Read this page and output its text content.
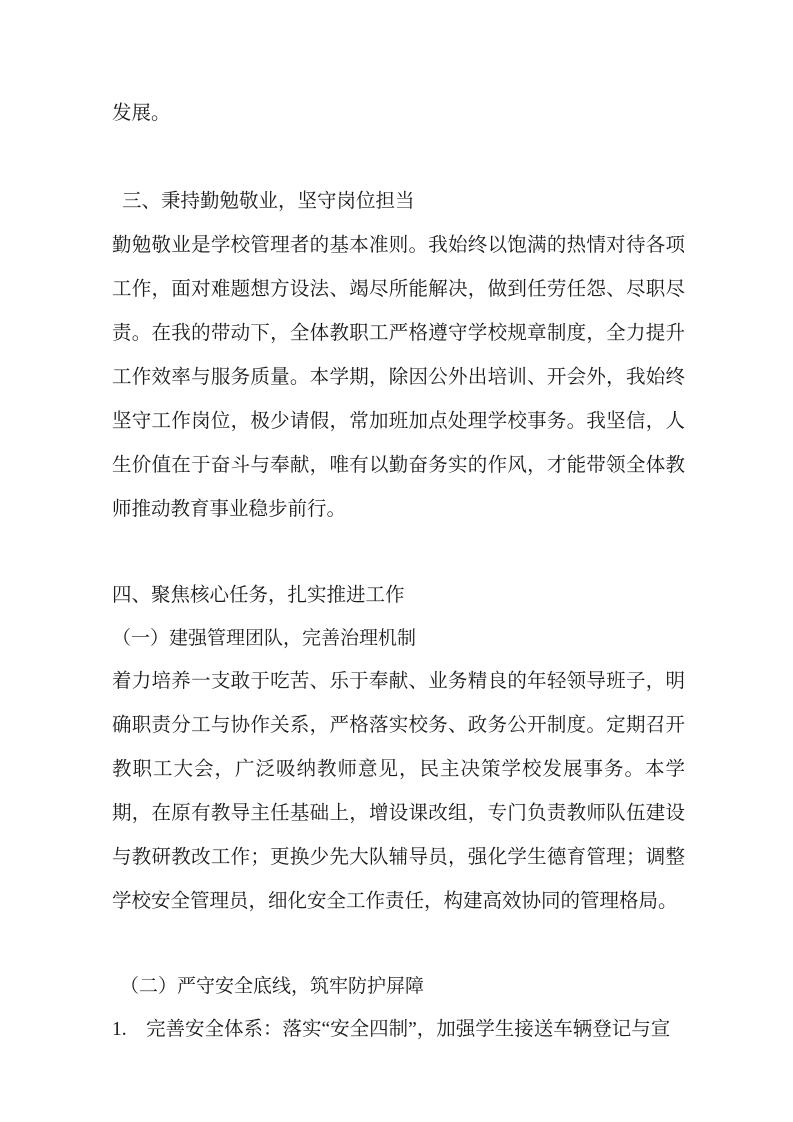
发展。

三、秉持勤勉敬业，坚守岗位担当

勤勉敬业是学校管理者的基本准则。我始终以饱满的热情对待各项工作，面对难题想方设法、竭尽所能解决，做到任劳任怨、尽职尽责。在我的带动下，全体教职工严格遵守学校规章制度，全力提升工作效率与服务质量。本学期，除因公外出培训、开会外，我始终坚守工作岗位，极少请假，常加班加点处理学校事务。我坚信，人生价值在于奋斗与奉献，唯有以勤奋务实的作风，才能带领全体教师推动教育事业稳步前行。

四、聚焦核心任务，扎实推进工作

（一）建强管理团队，完善治理机制

着力培养一支敢于吃苦、乐于奉献、业务精良的年轻领导班子，明确职责分工与协作关系，严格落实校务、政务公开制度。定期召开教职工大会，广泛吸纳教师意见，民主决策学校发展事务。本学期，在原有教导主任基础上，增设课改组，专门负责教师队伍建设与教研教改工作；更换少先大队辅导员，强化学生德育管理；调整学校安全管理员，细化安全工作责任，构建高效协同的管理格局。

（二）严守安全底线，筑牢防护屏障

1. 完善安全体系：落实“安全四制”，加强学生接送车辆登记与宣
